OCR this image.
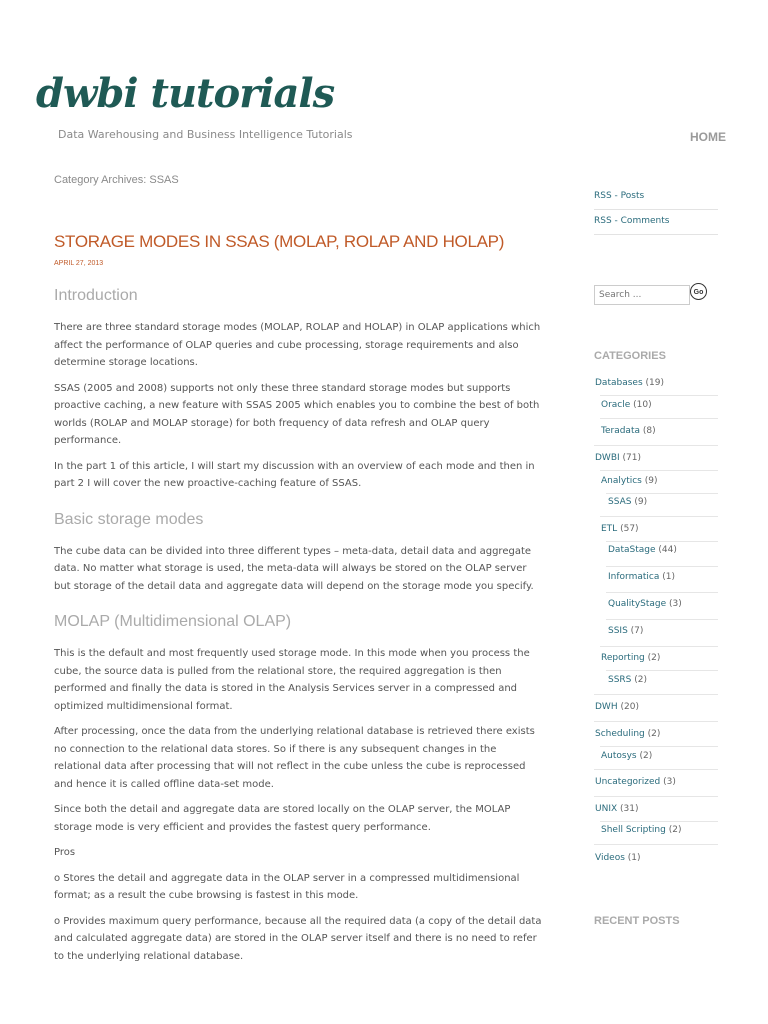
dwbi tutorials
Data Warehousing and Business Intelligence Tutorials	HOME
Category Archives: SSAS
STORAGE MODES IN SSAS (MOLAP, ROLAP AND HOLAP)
APRIL 27, 2013
Introduction

There are three standard storage modes (MOLAP, ROLAP and HOLAP) in OLAP applications which affect the performance of OLAP queries and cube processing, storage requirements and also determine storage locations.

SSAS (2005 and 2008) supports not only these three standard storage modes but supports proactive caching, a new feature with SSAS 2005 which enables you to combine the best of both worlds (ROLAP and MOLAP storage) for both frequency of data refresh and OLAP query performance.

In the part 1 of this article, I will start my discussion with an overview of each mode and then in part 2 I will cover the new proactive-caching feature of SSAS.

Basic storage modes

The cube data can be divided into three different types – meta-data, detail data and aggregate data. No matter what storage is used, the meta-data will always be stored on the OLAP server but storage of the detail data and aggregate data will depend on the storage mode you specify.

MOLAP (Multidimensional OLAP)

This is the default and most frequently used storage mode. In this mode when you process the cube, the source data is pulled from the relational store, the required aggregation is then performed and finally the data is stored in the Analysis Services server in a compressed and optimized multidimensional format.

After processing, once the data from the underlying relational database is retrieved there exists no connection to the relational data stores. So if there is any subsequent changes in the relational data after processing that will not reflect in the cube unless the cube is reprocessed and hence it is called offline data-set mode.

Since both the detail and aggregate data are stored locally on the OLAP server, the MOLAP storage mode is very efficient and provides the fastest query performance.

Pros

o Stores the detail and aggregate data in the OLAP server in a compressed multidimensional format; as a result the cube browsing is fastest in this mode.

o Provides maximum query performance, because all the required data (a copy of the detail data and calculated aggregate data) are stored in the OLAP server itself and there is no need to refer to the underlying relational database.

RSS - Posts
RSS - Comments
Search ...
Go
CATEGORIES
Databases (19)
Oracle (10)
Teradata (8)
DWBI (71)
Analytics (9)
SSAS (9)
ETL (57)
DataStage (44)
Informatica (1)
QualityStage (3)
SSIS (7)
Reporting (2)
SSRS (2)
DWH (20)
Scheduling (2)
Autosys (2)
Uncategorized (3)
UNIX (31)
Shell Scripting (2)
Videos (1)
RECENT POSTS
